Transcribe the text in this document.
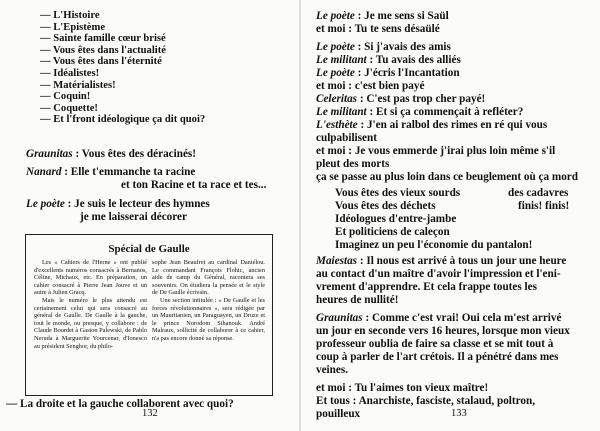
— L'Histoire
— L'Epistème
— Sainte famille cœur brisé
— Vous êtes dans l'actualité
— Vous êtes dans l'éternité
— Idéalistes!
— Matérialistes!
— Coquin!
— Coquette!
— Et l'front idéologique ça dit quoi?
Graunitas : Vous êtes des déracinés!
Nanard : Elle t'emmanche ta racine
et ton Racine et ta race et tes...
Le poète : Je suis le lecteur des hymnes
je me laisserai décorer
Spécial de Gaulle

Les « Cahiers de l'Herne » ont publié d'excellents numéros consacrés à Bernanos, Céline, Michaux, etc. En préparation, un cahier consacré à Pierre Jean Jouve et un autre à Julien Gracq.

Mais le numéro le plus attendu est certainement celui qui sera consacré au général de Gaulle. De Gaulle à la gauche, tout le monde, ou presque, y collabore : de Claude Bourdet à Gaston Palewski, de Pablo Neruda à Marguerite Yourcenar, d'Ionesco au président Senghor, du philo-

sophe Jean Beaufret au cardinal Daniélou. Le commandant François Flohic, ancien aide de camp du Général, racontera ses souvenirs. On étudiera la pensée et le style de De Gaulle écrivain.

Une section intitulée : « De Gaulle et les forces révolutionnaires », sera rédigée par un Mauritanien, un Paraguayen, un Druze et le prince Norodom Sihanouk. André Malraux, sollicité de collaborer à ce cahier, n'a pas encore donné sa réponse.

— La droite et la gauche collaborent avec quoi?
132
Le poète : Je me sens si Saül
et moi : Tu te sens désaülé
Le poète : Si j'avais des amis
Le militant : Tu avais des alliés
Le poète : J'écris l'Incantation
et moi : c'est bien payé
Celeritas : C'est pas trop cher payé!
Le militant : Et si ça commençait à refléter?
L'esthète : J'en ai ralbol des rimes en ré qui vous
culpabilisent
et moi : Je vous emmerde j'irai plus loin même s'il
pleut des morts
ça se passe au plus loin dans ce beuglement où ça mord
Vous êtes des vieux sourds	des cadavres
Vous êtes des déchets	finis! finis!
Idéologues d'entre-jambe
Et politiciens de caleçon
Imaginez un peu l'économie du pantalon!
Maiestas : Il nous est arrivé à tous un jour une heure
au contact d'un maître d'avoir l'impression et l'eni-
vrement d'apprendre. Et cela frappe toutes les
heures de nullité!
Graunitas : Comme c'est vrai! Oui cela m'est arrivé
un jour en seconde vers 16 heures, lorsque mon vieux
professeur oublia de faire sa classe et se mit tout à
coup à parler de l'art crétois. Il a pénétré dans mes
veines.
et moi : Tu l'aimes ton vieux maître!
Et tous : Anarchiste, fasciste, stalaud, poltron,
pouilleux	133
